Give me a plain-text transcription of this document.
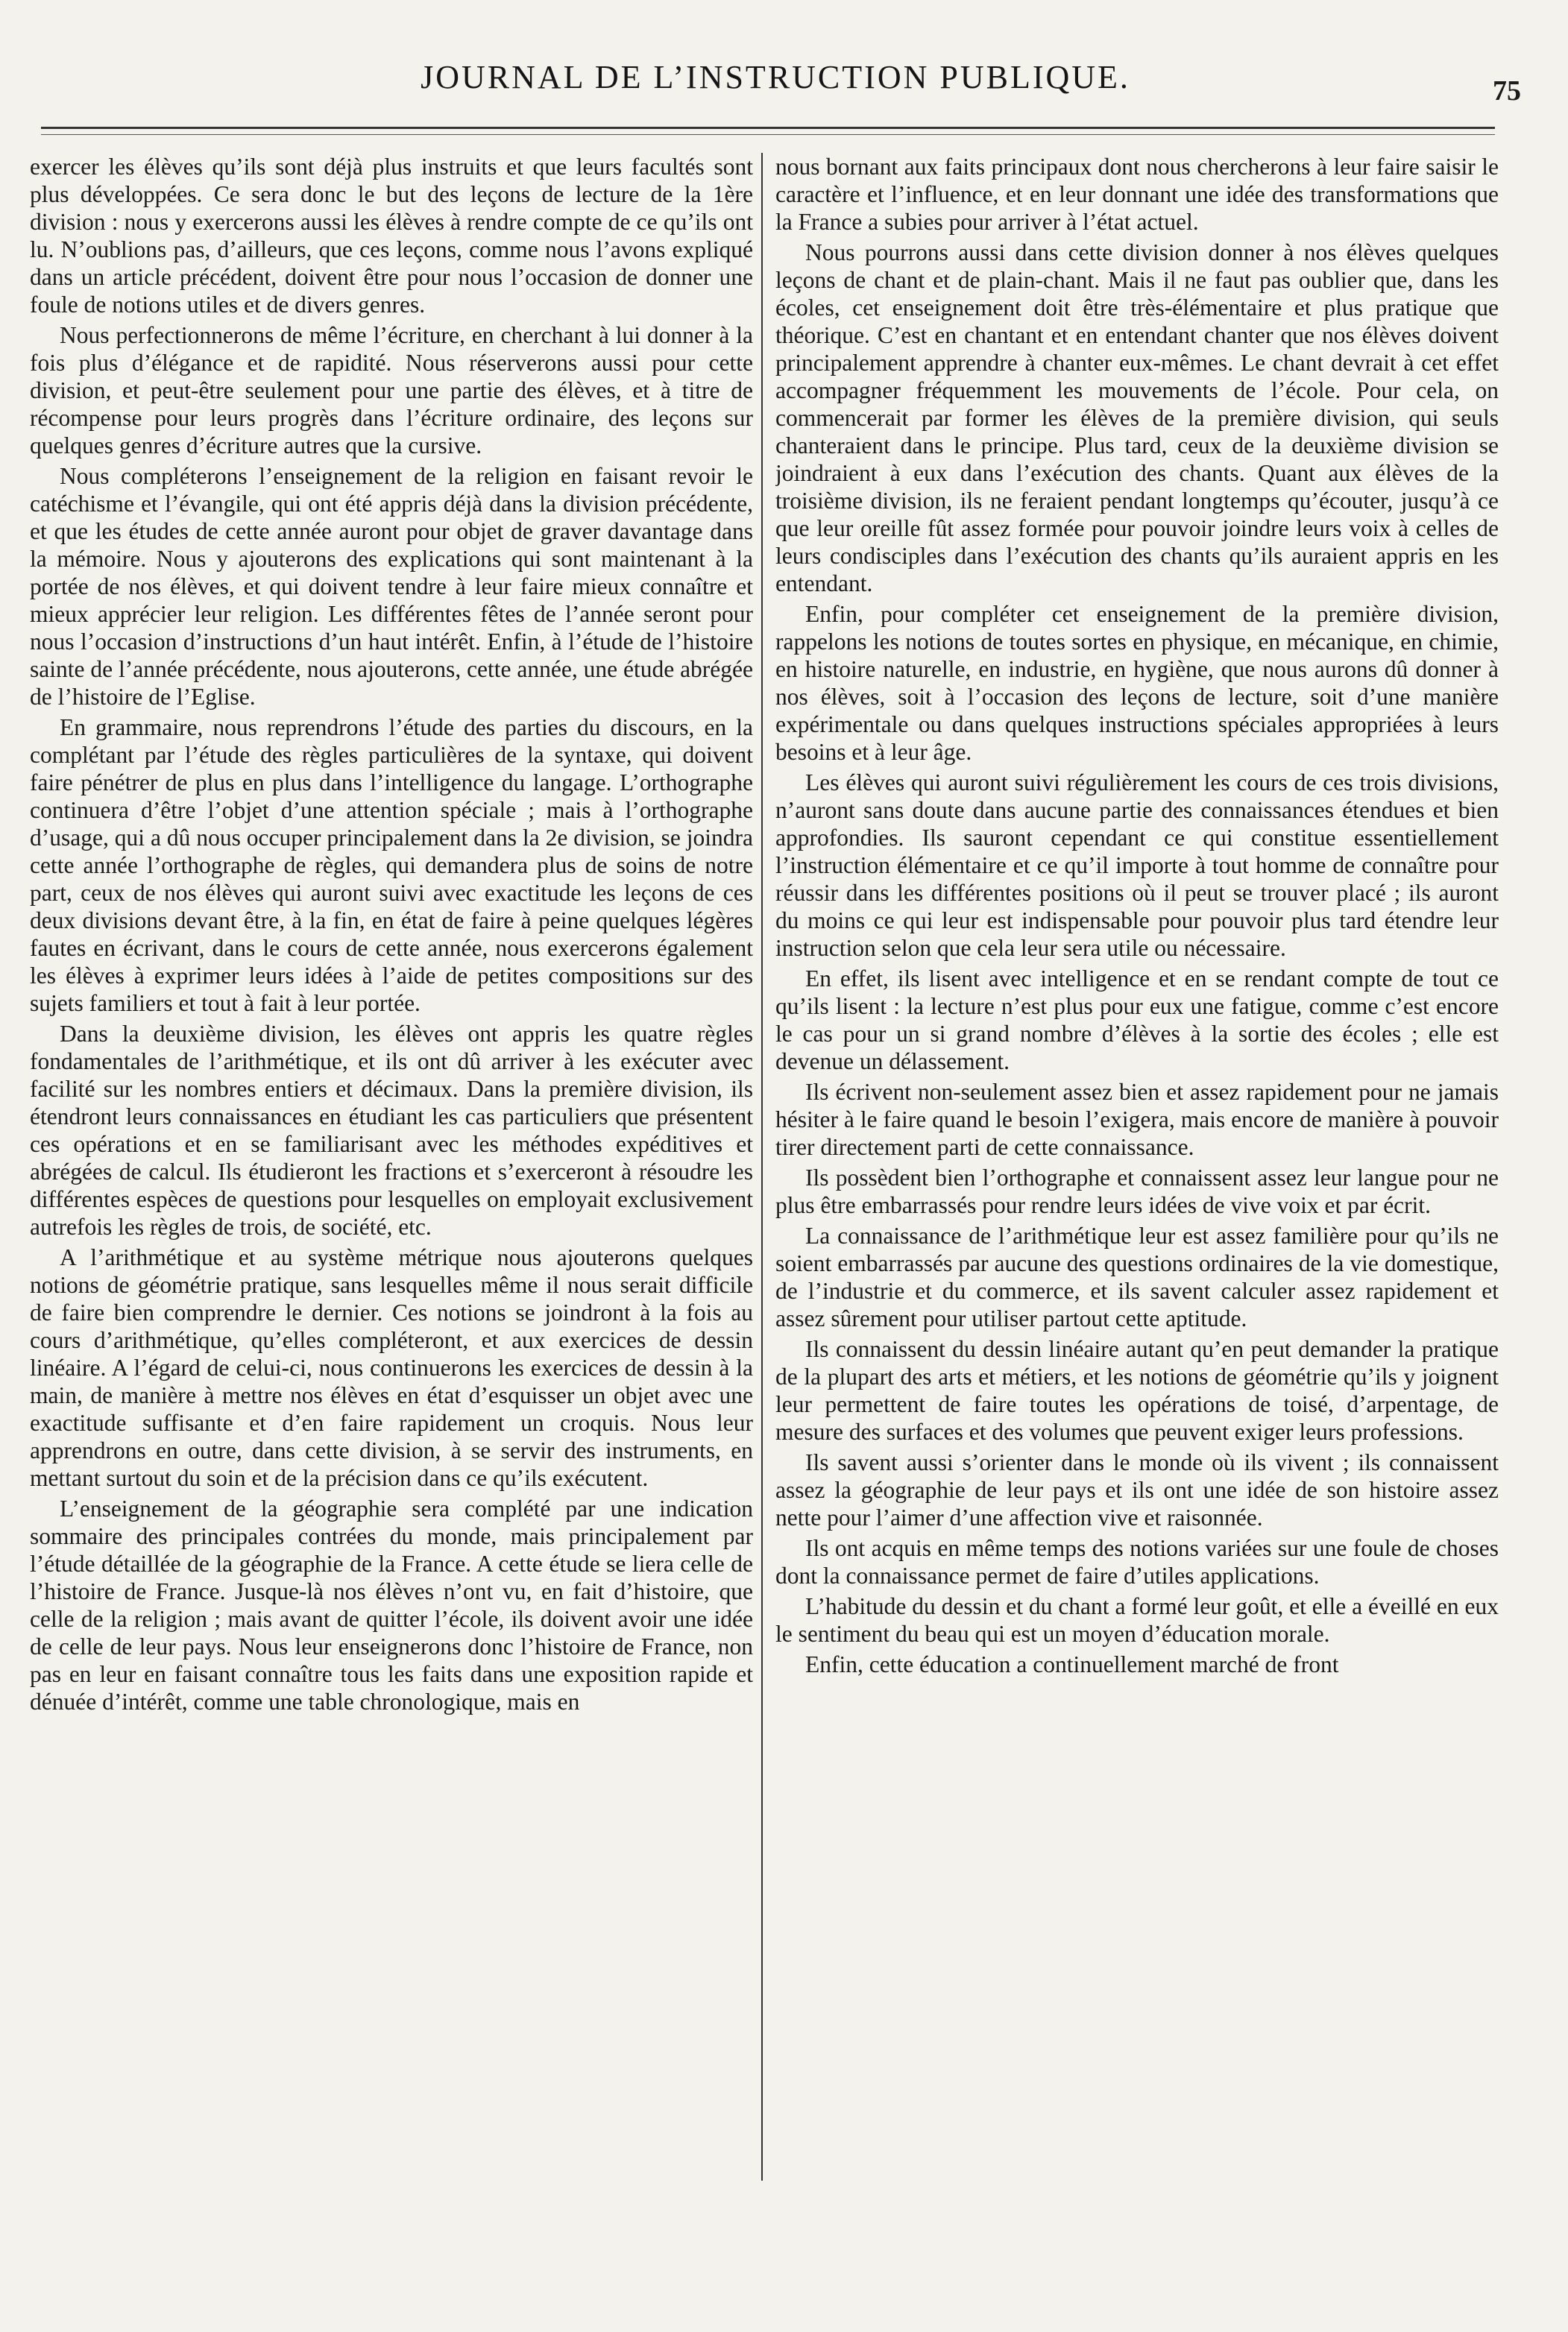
JOURNAL DE L’INSTRUCTION PUBLIQUE.	75

exercer les élèves qu’ils sont déjà plus instruits et que leurs facultés sont plus développées. Ce sera donc le but des leçons de lecture de la 1ère division : nous y exercerons aussi les élèves à rendre compte de ce qu’ils ont lu. N’oublions pas, d’ailleurs, que ces leçons, comme nous l’avons expliqué dans un article précédent, doivent être pour nous l’occasion de donner une foule de notions utiles et de divers genres.

Nous perfectionnerons de même l’écriture, en cherchant à lui donner à la fois plus d’élégance et de rapidité. Nous réserverons aussi pour cette division, et peut-être seulement pour une partie des élèves, et à titre de récompense pour leurs progrès dans l’écriture ordinaire, des leçons sur quelques genres d’écriture autres que la cursive.

Nous compléterons l’enseignement de la religion en faisant revoir le catéchisme et l’évangile, qui ont été appris déjà dans la division précédente, et que les études de cette année auront pour objet de graver davantage dans la mémoire. Nous y ajouterons des explications qui sont maintenant à la portée de nos élèves, et qui doivent tendre à leur faire mieux connaître et mieux apprécier leur religion. Les différentes fêtes de l’année seront pour nous l’occasion d’instructions d’un haut intérêt. Enfin, à l’étude de l’histoire sainte de l’année précédente, nous ajouterons, cette année, une étude abrégée de l’histoire de l’Eglise.

En grammaire, nous reprendrons l’étude des parties du discours, en la complétant par l’étude des règles particulières de la syntaxe, qui doivent faire pénétrer de plus en plus dans l’intelligence du langage. L’orthographe continuera d’être l’objet d’une attention spéciale ; mais à l’orthographe d’usage, qui a dû nous occuper principalement dans la 2e division, se joindra cette année l’orthographe de règles, qui demandera plus de soins de notre part, ceux de nos élèves qui auront suivi avec exactitude les leçons de ces deux divisions devant être, à la fin, en état de faire à peine quelques légères fautes en écrivant, dans le cours de cette année, nous exercerons également les élèves à exprimer leurs idées à l’aide de petites compositions sur des sujets familiers et tout à fait à leur portée.

Dans la deuxième division, les élèves ont appris les quatre règles fondamentales de l’arithmétique, et ils ont dû arriver à les exécuter avec facilité sur les nombres entiers et décimaux. Dans la première division, ils étendront leurs connaissances en étudiant les cas particuliers que présentent ces opérations et en se familiarisant avec les méthodes expéditives et abrégées de calcul. Ils étudieront les fractions et s’exerceront à résoudre les différentes espèces de questions pour lesquelles on employait exclusivement autrefois les règles de trois, de société, etc.

A l’arithmétique et au système métrique nous ajouterons quelques notions de géométrie pratique, sans lesquelles même il nous serait difficile de faire bien comprendre le dernier. Ces notions se joindront à la fois au cours d’arithmétique, qu’elles compléteront, et aux exercices de dessin linéaire. A l’égard de celui-ci, nous continuerons les exercices de dessin à la main, de manière à mettre nos élèves en état d’esquisser un objet avec une exactitude suffisante et d’en faire rapidement un croquis. Nous leur apprendrons en outre, dans cette division, à se servir des instruments, en mettant surtout du soin et de la précision dans ce qu’ils exécutent.

L’enseignement de la géographie sera complété par une indication sommaire des principales contrées du monde, mais principalement par l’étude détaillée de la géographie de la France. A cette étude se liera celle de l’histoire de France. Jusque-là nos élèves n’ont vu, en fait d’histoire, que celle de la religion ; mais avant de quitter l’école, ils doivent avoir une idée de celle de leur pays. Nous leur enseignerons donc l’histoire de France, non pas en leur en faisant connaître tous les faits dans une exposition rapide et dénuée d’intérêt, comme une table chronologique, mais en

nous bornant aux faits principaux dont nous chercherons à leur faire saisir le caractère et l’influence, et en leur donnant une idée des transformations que la France a subies pour arriver à l’état actuel.

Nous pourrons aussi dans cette division donner à nos élèves quelques leçons de chant et de plain-chant. Mais il ne faut pas oublier que, dans les écoles, cet enseignement doit être très-élémentaire et plus pratique que théorique. C’est en chantant et en entendant chanter que nos élèves doivent principalement apprendre à chanter eux-mêmes. Le chant devrait à cet effet accompagner fréquemment les mouvements de l’école. Pour cela, on commencerait par former les élèves de la première division, qui seuls chanteraient dans le principe. Plus tard, ceux de la deuxième division se joindraient à eux dans l’exécution des chants. Quant aux élèves de la troisième division, ils ne feraient pendant longtemps qu’écouter, jusqu’à ce que leur oreille fût assez formée pour pouvoir joindre leurs voix à celles de leurs condisciples dans l’exécution des chants qu’ils auraient appris en les entendant.

Enfin, pour compléter cet enseignement de la première division, rappelons les notions de toutes sortes en physique, en mécanique, en chimie, en histoire naturelle, en industrie, en hygiène, que nous aurons dû donner à nos élèves, soit à l’occasion des leçons de lecture, soit d’une manière expérimentale ou dans quelques instructions spéciales appropriées à leurs besoins et à leur âge.

Les élèves qui auront suivi régulièrement les cours de ces trois divisions, n’auront sans doute dans aucune partie des connaissances étendues et bien approfondies. Ils sauront cependant ce qui constitue essentiellement l’instruction élémentaire et ce qu’il importe à tout homme de connaître pour réussir dans les différentes positions où il peut se trouver placé ; ils auront du moins ce qui leur est indispensable pour pouvoir plus tard étendre leur instruction selon que cela leur sera utile ou nécessaire.

En effet, ils lisent avec intelligence et en se rendant compte de tout ce qu’ils lisent : la lecture n’est plus pour eux une fatigue, comme c’est encore le cas pour un si grand nombre d’élèves à la sortie des écoles ; elle est devenue un délassement.

Ils écrivent non-seulement assez bien et assez rapidement pour ne jamais hésiter à le faire quand le besoin l’exigera, mais encore de manière à pouvoir tirer directement parti de cette connaissance.

Ils possèdent bien l’orthographe et connaissent assez leur langue pour ne plus être embarrassés pour rendre leurs idées de vive voix et par écrit.

La connaissance de l’arithmétique leur est assez familière pour qu’ils ne soient embarrassés par aucune des questions ordinaires de la vie domestique, de l’industrie et du commerce, et ils savent calculer assez rapidement et assez sûrement pour utiliser partout cette aptitude.

Ils connaissent du dessin linéaire autant qu’en peut demander la pratique de la plupart des arts et métiers, et les notions de géométrie qu’ils y joignent leur permettent de faire toutes les opérations de toisé, d’arpentage, de mesure des surfaces et des volumes que peuvent exiger leurs professions.

Ils savent aussi s’orienter dans le monde où ils vivent ; ils connaissent assez la géographie de leur pays et ils ont une idée de son histoire assez nette pour l’aimer d’une affection vive et raisonnée.

Ils ont acquis en même temps des notions variées sur une foule de choses dont la connaissance permet de faire d’utiles applications.

L’habitude du dessin et du chant a formé leur goût, et elle a éveillé en eux le sentiment du beau qui est un moyen d’éducation morale.

Enfin, cette éducation a continuellement marché de front
